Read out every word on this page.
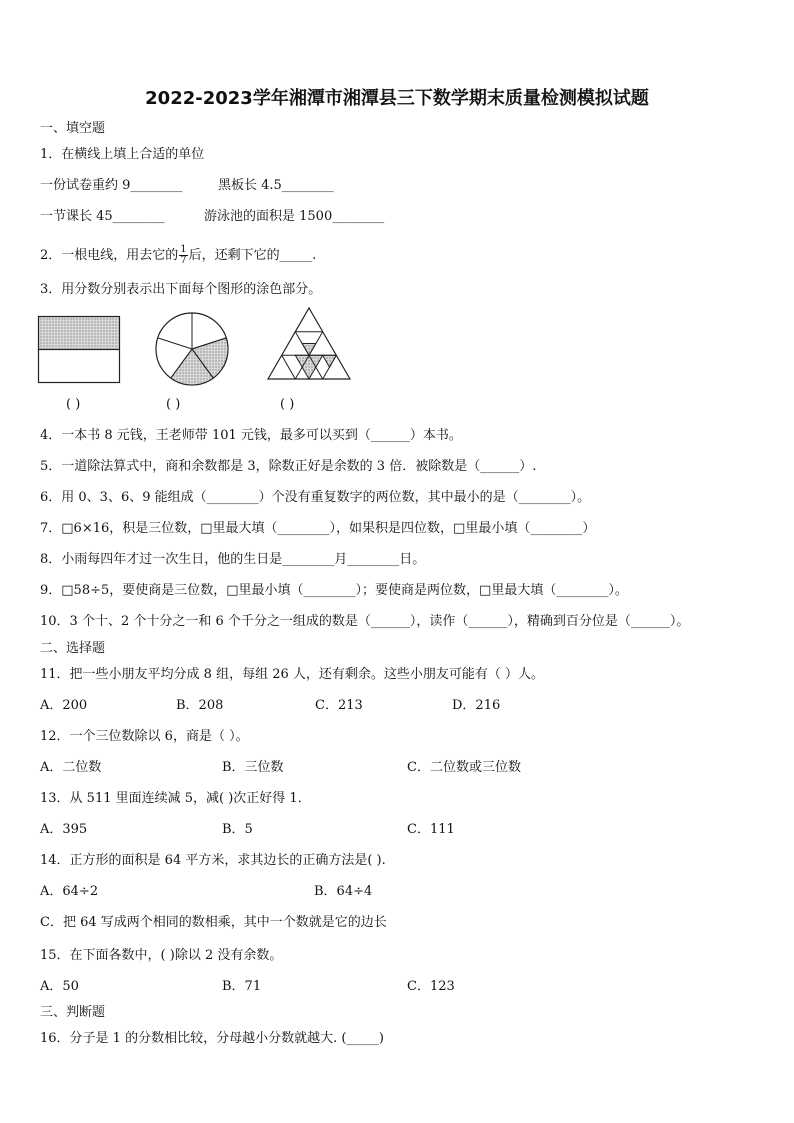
2022-2023学年湘潭市湘潭县三下数学期末质量检测模拟试题
一、填空题
1．在横线上填上合适的单位
一份试卷重约 9________	黑板长 4.5________
一节课长 45________	游泳池的面积是 1500________
2．一根电线，用去它的 $\frac{1}{7}$ 后，还剩下它的_____.
3．用分数分别表示出下面每个图形的涂色部分。
( )	( )	( )
4．一本书 8 元钱，王老师带 101 元钱，最多可以买到（______）本书。
5．一道除法算式中，商和余数都是 3，除数正好是余数的 3 倍．被除数是（______）.
6．用 0、3、6、9 能组成（________）个没有重复数字的两位数，其中最小的是（________）。
7．□6×16，积是三位数，□里最大填（________），如果积是四位数，□里最小填（________）
8．小雨每四年才过一次生日，他的生日是________月________日。
9．□58÷5，要使商是三位数，□里最小填（________）；要使商是两位数，□里最大填（________）。
10．3 个十、2 个十分之一和 6 个千分之一组成的数是（______），读作（______），精确到百分位是（______）。
二、选择题
11．把一些小朋友平均分成 8 组，每组 26 人，还有剩余。这些小朋友可能有（ ）人。
A．200	B．208	C．213	D．216
12．一个三位数除以 6，商是（ ）。
A．二位数	B．三位数	C．二位数或三位数
13．从 511 里面连续减 5，减( )次正好得 1．
A．395	B．5	C．111
14．正方形的面积是 64 平方米，求其边长的正确方法是( ).
A．64÷2	B．64÷4
C．把 64 写成两个相同的数相乘，其中一个数就是它的边长
15．在下面各数中，( )除以 2 没有余数。
A．50	B．71	C．123
三、判断题
16．分子是 1 的分数相比较，分母越小分数就越大. (_____)
